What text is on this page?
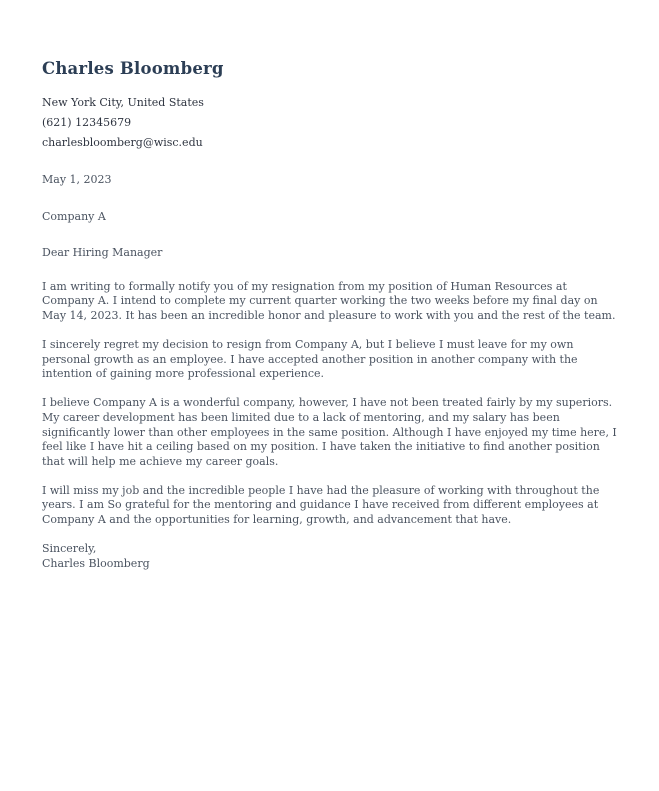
Charles Bloomberg
New York City, United States
(621) 12345679
charlesbloomberg@wisc.edu
May 1, 2023
Company A
Dear Hiring Manager

I am writing to formally notify you of my resignation from my position of Human Resources at Company A. I intend to complete my current quarter working the two weeks before my final day on May 14, 2023. It has been an incredible honor and pleasure to work with you and the rest of the team.

I sincerely regret my decision to resign from Company A, but I believe I must leave for my own personal growth as an employee. I have accepted another position in another company with the intention of gaining more professional experience.

I believe Company A is a wonderful company, however, I have not been treated fairly by my superiors. My career development has been limited due to a lack of mentoring, and my salary has been significantly lower than other employees in the same position. Although I have enjoyed my time here, I feel like I have hit a ceiling based on my position. I have taken the initiative to find another position that will help me achieve my career goals.

I will miss my job and the incredible people I have had the pleasure of working with throughout the years. I am So grateful for the mentoring and guidance I have received from different employees at Company A and the opportunities for learning, growth, and advancement that have.

Sincerely,
Charles Bloomberg
